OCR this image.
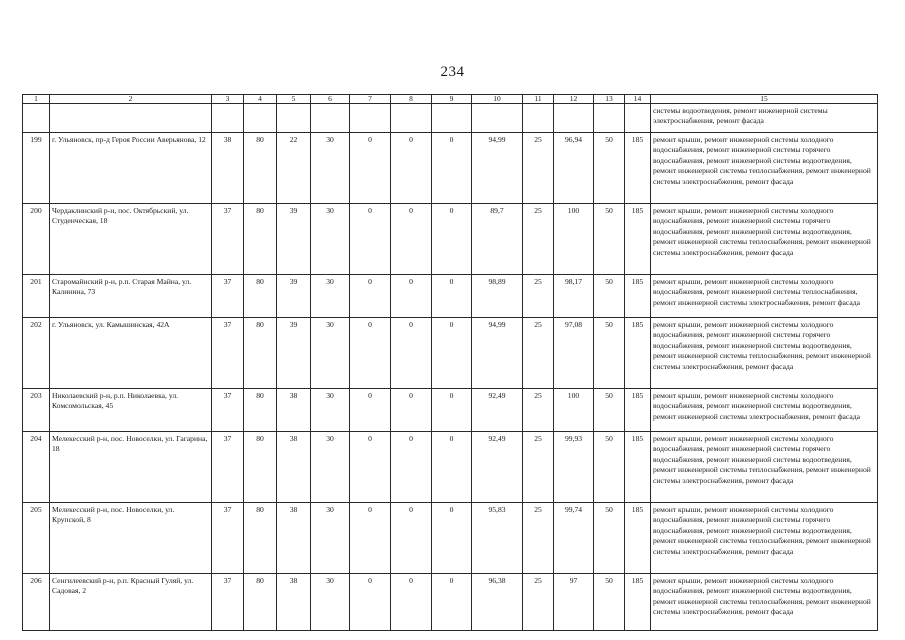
234
1	2	3	4	5	6	7	8	9	10	11	12	13	14	15
														системы водоотведения, ремонт инженерной системы электроснабжения, ремонт фасада
199	г. Ульяновск, пр-д Героя России Аверьянова, 12	38	80	22	30	0	0	0	94,99	25	96,94	50	185	ремонт крыши, ремонт инженерной системы холодного водоснабжения, ремонт инженерной системы горячего водоснабжения, ремонт инженерной системы водоотведения, ремонт инженерной системы теплоснабжения, ремонт инженерной системы электроснабжения, ремонт фасада
200	Чердаклинский р-н, пос. Октябрьский, ул. Студенческая, 18	37	80	39	30	0	0	0	89,7	25	100	50	185	ремонт крыши, ремонт инженерной системы холодного водоснабжения, ремонт инженерной системы горячего водоснабжения, ремонт инженерной системы водоотведения, ремонт инженерной системы теплоснабжения, ремонт инженерной системы электроснабжения, ремонт фасада
201	Старомайнский р-н, р.п. Старая Майна, ул. Калинина, 73	37	80	39	30	0	0	0	98,89	25	98,17	50	185	ремонт крыши, ремонт инженерной системы холодного водоснабжения, ремонт инженерной системы теплоснабжения, ремонт инженерной системы электроснабжения, ремонт фасада
202	г. Ульяновск, ул. Камышинская, 42А	37	80	39	30	0	0	0	94,99	25	97,08	50	185	ремонт крыши, ремонт инженерной системы холодного водоснабжения, ремонт инженерной системы горячего водоснабжения, ремонт инженерной системы водоотведения, ремонт инженерной системы теплоснабжения, ремонт инженерной системы электроснабжения, ремонт фасада
203	Николаевский р-н, р.п. Николаевка, ул. Комсомольская, 45	37	80	38	30	0	0	0	92,49	25	100	50	185	ремонт крыши, ремонт инженерной системы холодного водоснабжения, ремонт инженерной системы водоотведения, ремонт инженерной системы электроснабжения, ремонт фасада
204	Мелекесский р-н, пос. Новоселки, ул. Гагарина, 18	37	80	38	30	0	0	0	92,49	25	99,93	50	185	ремонт крыши, ремонт инженерной системы холодного водоснабжения, ремонт инженерной системы горячего водоснабжения, ремонт инженерной системы водоотведения, ремонт инженерной системы теплоснабжения, ремонт инженерной системы электроснабжения, ремонт фасада
205	Мелекесский р-н, пос. Новоселки, ул. Крупской, 8	37	80	38	30	0	0	0	95,83	25	99,74	50	185	ремонт крыши, ремонт инженерной системы холодного водоснабжения, ремонт инженерной системы горячего водоснабжения, ремонт инженерной системы водоотведения, ремонт инженерной системы теплоснабжения, ремонт инженерной системы электроснабжения, ремонт фасада
206	Сенгилеевский р-н, р.п. Красный Гуляй, ул. Садовая, 2	37	80	38	30	0	0	0	96,38	25	97	50	185	ремонт крыши, ремонт инженерной системы холодного водоснабжения, ремонт инженерной системы водоотведения, ремонт инженерной системы теплоснабжения, ремонт инженерной системы электроснабжения, ремонт фасада
